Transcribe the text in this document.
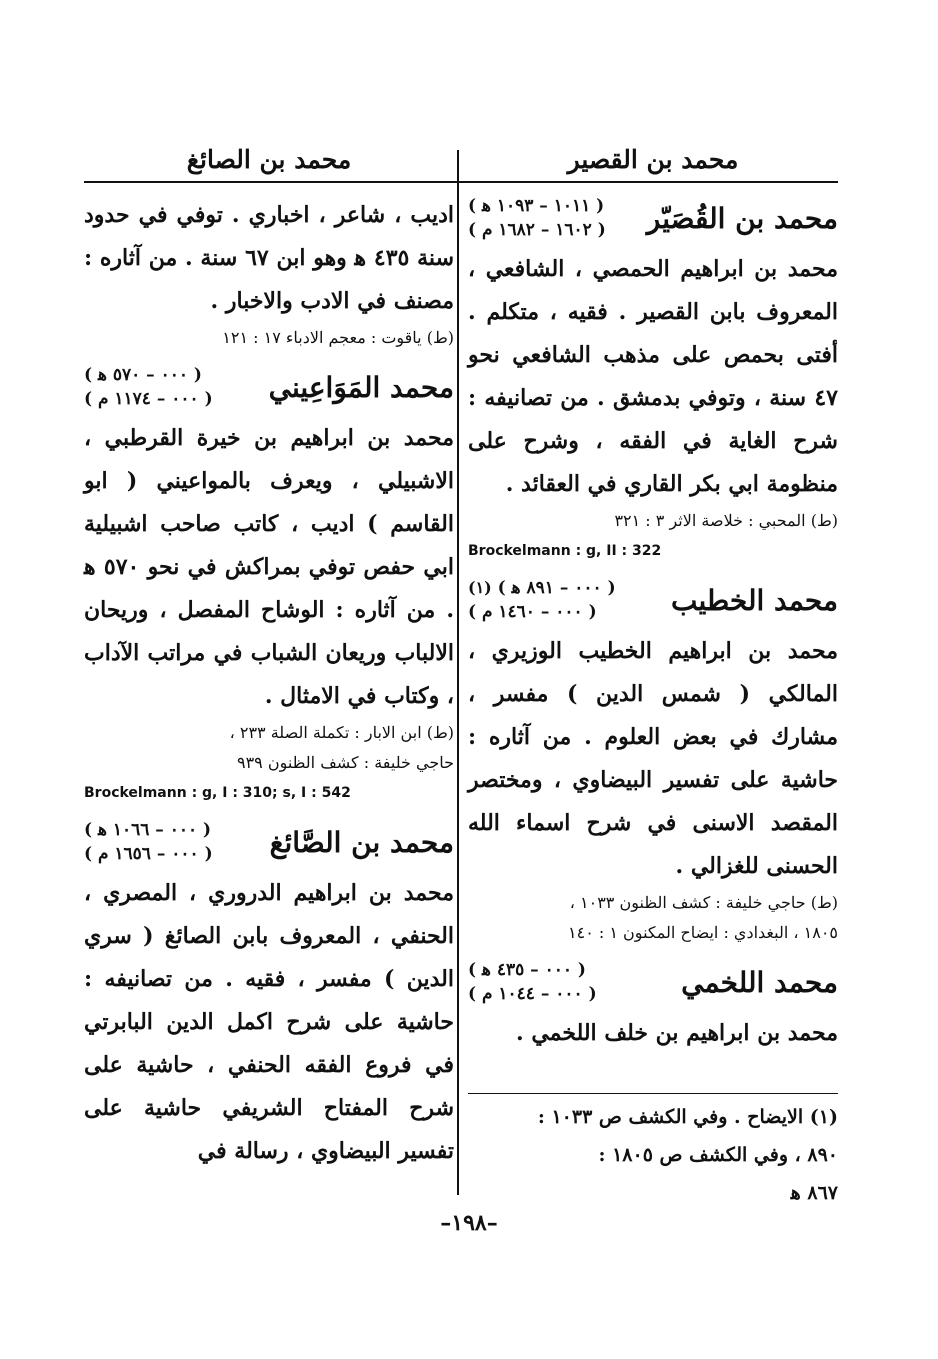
محمد بن القصير
محمد بن القُصَيّر
( ١٠١١ – ١٠٩٣ ﻫ )
( ١٦٠٢ – ١٦٨٢ م )

محمد بن ابراهيم الحمصي ، الشافعي ، المعروف بابن القصير . فقيه ، متكلم . أفتى بحمص على مذهب الشافعي نحو ٤٧ سنة ، وتوفي بدمشق . من تصانيفه : شرح الغاية في الفقه ، وشرح على منظومة ابي بكر القاري في العقائد .

(ط) المحبي : خلاصة الاثر ٣ : ٣٢١

Brockelmann : g, II : 322

محمد الخطيب
( ٠٠٠ – ٨٩١ ﻫ ) (١)
( ٠٠٠ – ١٤٦٠ م )

محمد بن ابراهيم الخطيب الوزيري ، المالكي ( شمس الدين ) مفسر ، مشارك في بعض العلوم . من آثاره : حاشية على تفسير البيضاوي ، ومختصر المقصد الاسنى في شرح اسماء الله الحسنى للغزالي .

(ط) حاجي خليفة : كشف الظنون ١٠٣٣ ،

١٨٠٥ ، البغدادي : ايضاح المكنون ١ : ١٤٠

محمد اللخمي
( ٠٠٠ – ٤٣٥ ﻫ )
( ٠٠٠ – ١٠٤٤ م )

محمد بن ابراهيم بن خلف اللخمي .

(١) الايضاح . وفي الكشف ص ١٠٣٣ :

٨٩٠ ، وفي الكشف ص ١٨٠٥ :

٨٦٧ ﻫ

محمد بن الصائغ

اديب ، شاعر ، اخباري . توفي في حدود سنة ٤٣٥ ﻫ وهو ابن ٦٧ سنة . من آثاره : مصنف في الادب والاخبار .

(ط) ياقوت : معجم الادباء ١٧ : ١٢١

محمد المَوَاعِيني
( ٠٠٠ – ٥٧٠ ﻫ )
( ٠٠٠ – ١١٧٤ م )

محمد بن ابراهيم بن خيرة القرطبي ، الاشبيلي ، ويعرف بالمواعيني ( ابو القاسم ) اديب ، كاتب صاحب اشبيلية ابي حفص توفي بمراكش في نحو ٥٧٠ ﻫ . من آثاره : الوشاح المفصل ، وريحان الالباب وريعان الشباب في مراتب الآداب ، وكتاب في الامثال .

(ط) ابن الابار : تكملة الصلة ٢٣٣ ،

حاجي خليفة : كشف الظنون ٩٣٩

Brockelmann : g, I : 310; s, I : 542

محمد بن الصَّائغ
( ٠٠٠ – ١٠٦٦ ﻫ )
( ٠٠٠ – ١٦٥٦ م )

محمد بن ابراهيم الدروري ، المصري ، الحنفي ، المعروف بابن الصائغ ( سري الدين ) مفسر ، فقيه . من تصانيفه : حاشية على شرح اكمل الدين البابرتي في فروع الفقه الحنفي ، حاشية على شرح المفتاح الشريفي حاشية على تفسير البيضاوي ، رسالة في

–١٩٨–
